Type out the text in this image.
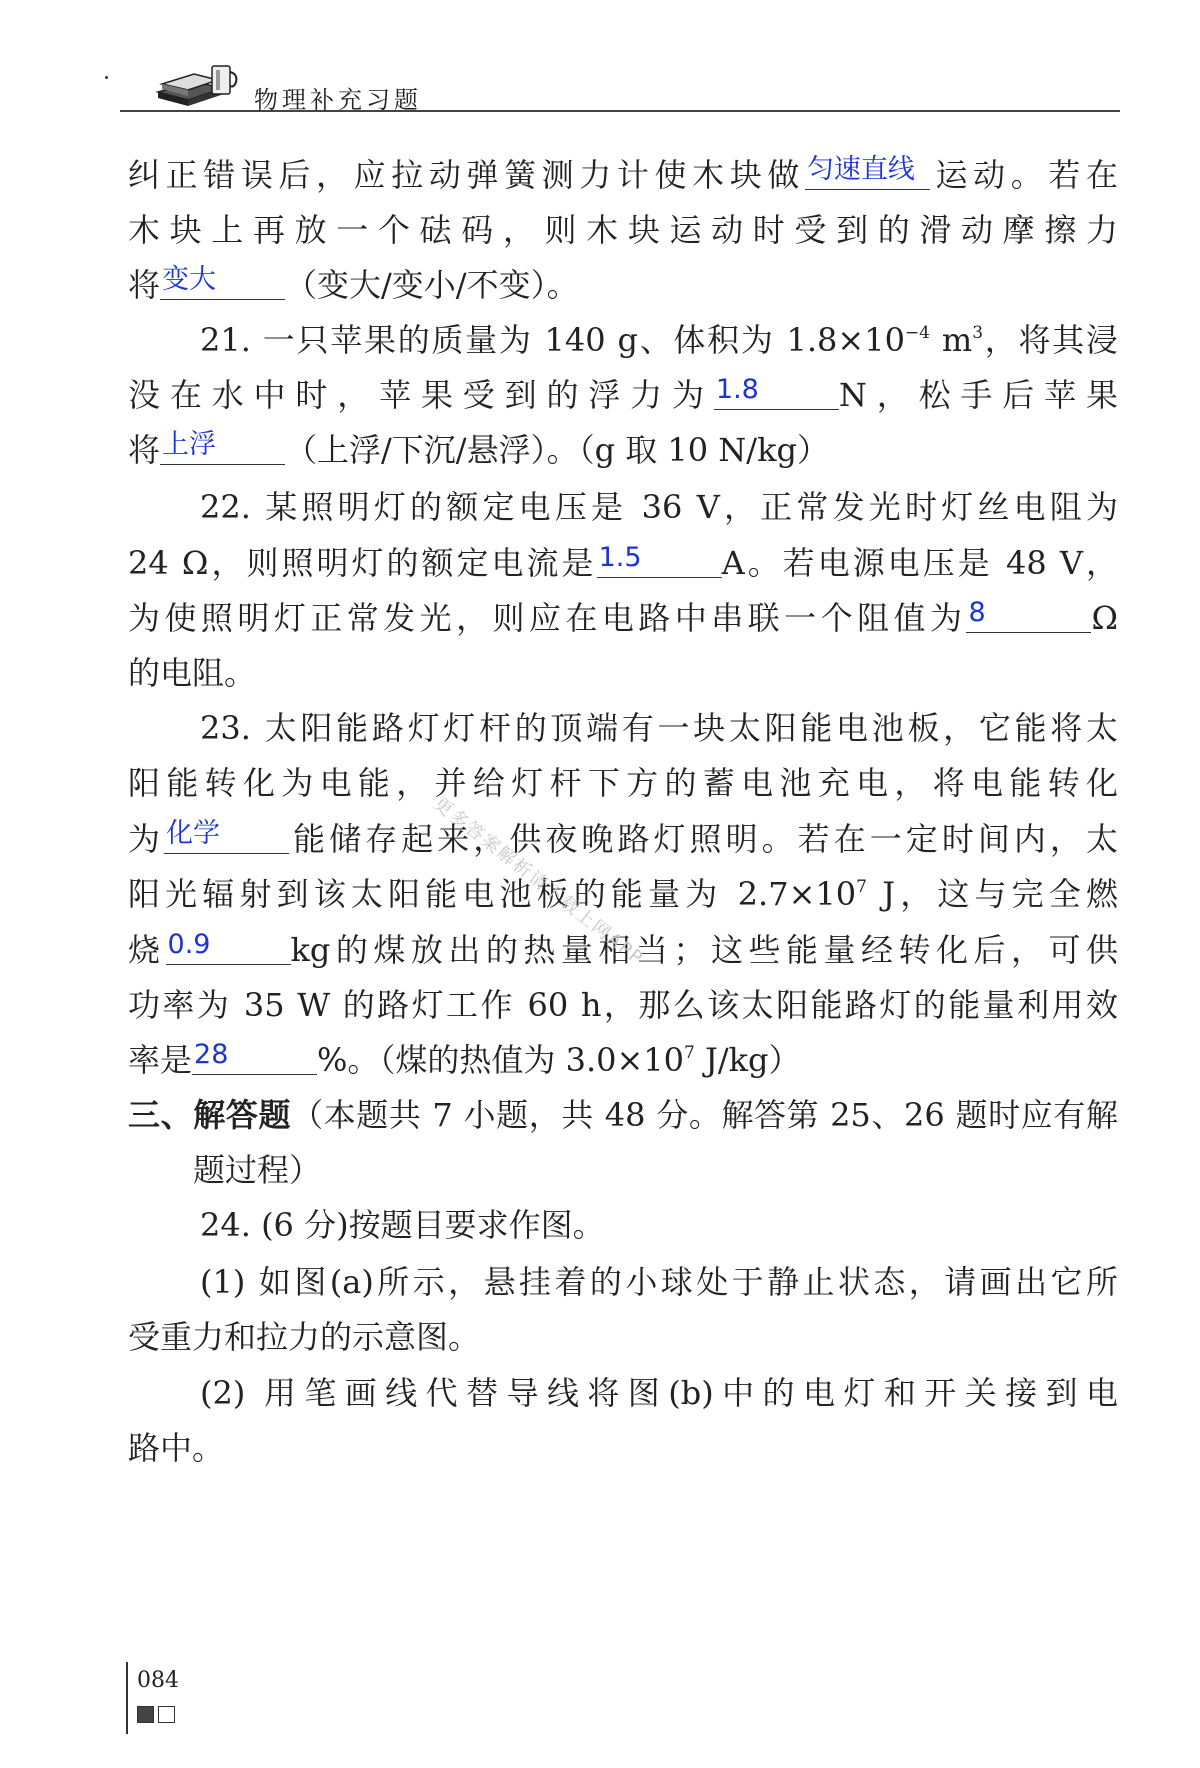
物理补充习题
纠正错误后，应拉动弹簧测力计使木块做 匀速直线 运动。若在
木块上再放一个砝码，则木块运动时受到的滑动摩擦力
将 变大 （变大/变小/不变）。
21. 一只苹果的质量为 140 g、体积为 $1.8\times 10^{-4}$ $m^3$，将其浸
没在水中时，苹果受到的浮力为 1.8	N，松手后苹果
将 上浮 （上浮/下沉/悬浮）。（g 取 10 N/kg）
22. 某照明灯的额定电压是 36 V，正常发光时灯丝电阻为
24 Ω，则照明灯的额定电流是 1.5	A。若电源电压是 48 V，
为使照明灯正常发光，则应在电路中串联一个阻值为 8	Ω
的电阻。
23. 太阳能路灯灯杆的顶端有一块太阳能电池板，它能将太
阳能转化为电能，并给灯杆下方的蓄电池充电，将电能转化
为 化学 能储存起来，供夜晚路灯照明。若在一定时间内，太
阳光辐射到该太阳能电池板的能量为 $2.7\times 10^7$ J，这与完全燃
烧 0.9	kg的煤放出的热量相当；这些能量经转化后，可供
功率为 35 W 的路灯工作 60 h，那么该太阳能路灯的能量利用效
率是 28	%。（煤的热值为 $3.0\times 10^7$ J/kg）
三、解答题（本题共 7 小题，共 48 分。解答第 25、26 题时应有解
题过程）
24. (6 分)按题目要求作图。
(1) 如图(a)所示，悬挂着的小球处于静止状态，请画出它所
受重力和拉力的示意图。
(2) 用笔画线代替导线将图(b)中的电灯和开关接到电
路中。
更多答案解析请下载上网APP
084
